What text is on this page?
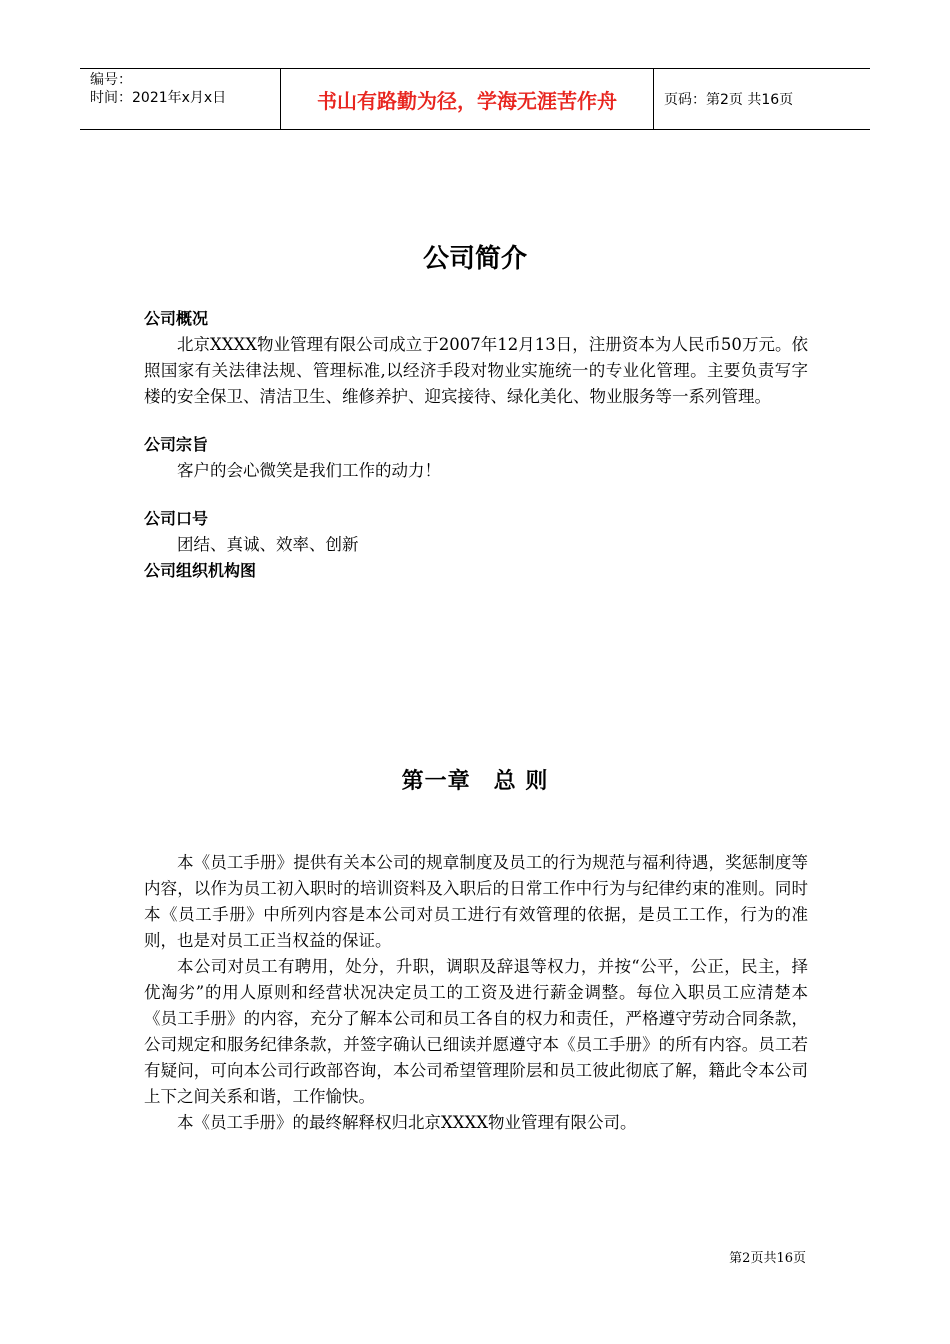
编号：
时间：2021年x月x日	书山有路勤为径，学海无涯苦作舟	页码：第2页 共16页
公司简介
公司概况

北京XXXX物业管理有限公司成立于2007年12月13日，注册资本为人民币50万元。依照国家有关法律法规、管理标准,以经济手段对物业实施统一的专业化管理。主要负责写字楼的安全保卫、清洁卫生、维修养护、迎宾接待、绿化美化、物业服务等一系列管理。

公司宗旨

客户的会心微笑是我们工作的动力！

公司口号

团结、真诚、效率、创新

公司组织机构图
第一章　总 则

本《员工手册》提供有关本公司的规章制度及员工的行为规范与福利待遇，奖惩制度等内容，以作为员工初入职时的培训资料及入职后的日常工作中行为与纪律约束的准则。同时本《员工手册》中所列内容是本公司对员工进行有效管理的依据，是员工工作，行为的准则，也是对员工正当权益的保证。

本公司对员工有聘用，处分，升职，调职及辞退等权力，并按“公平，公正，民主，择优淘劣”的用人原则和经营状况决定员工的工资及进行薪金调整。每位入职员工应清楚本《员工手册》的内容，充分了解本公司和员工各自的权力和责任，严格遵守劳动合同条款，公司规定和服务纪律条款，并签字确认已细读并愿遵守本《员工手册》的所有内容。员工若有疑问，可向本公司行政部咨询，本公司希望管理阶层和员工彼此彻底了解，籍此令本公司上下之间关系和谐，工作愉快。

本《员工手册》的最终解释权归北京XXXX物业管理有限公司。

第2页共16页
